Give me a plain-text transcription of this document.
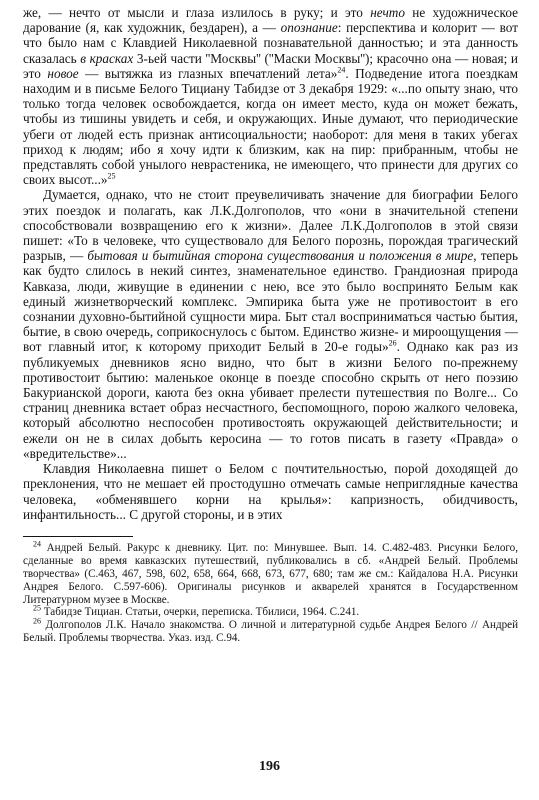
же, — нечто от мысли и глаза излилось в руку; и это нечто не художническое дарование (я, как художник, бездарен), а — опознание: перспектива и колорит — вот что было нам с Клавдией Николаевной познавательной данностью; и эта данность сказалась в красках 3-ьей части ''Москвы'' (''Маски Москвы''); красочно она — новая; и это новое — вытяжка из глазных впечатлений лета»$^{24}$. Подведение итога поездкам находим и в письме Белого Тициану Табидзе от 3 декабря 1929: «...по опыту знаю, что только тогда человек освобождается, когда он имеет место, куда он может бежать, чтобы из тишины увидеть и себя, и окружающих. Иные думают, что периодические убеги от людей есть признак антисоциальности; наоборот: для меня в таких убегах приход к людям; ибо я хочу идти к близким, как на пир: прибранным, чтобы не представлять собой унылого неврастеника, не имеющего, что принести для других со своих высот...»$^{25}$

Думается, однако, что не стоит преувеличивать значение для биографии Белого этих поездок и полагать, как Л.К.Долгополов, что «они в значительной степени способствовали возвращению его к жизни». Далее Л.К.Долгополов в этой связи пишет: «То в человеке, что существовало для Белого порознь, порождая трагический разрыв, — бытовая и бытийная сторона существования и положения в мире, теперь как будто слилось в некий синтез, знаменательное единство. Грандиозная природа Кавказа, люди, живущие в единении с нею, все это было воспринято Белым как единый жизнетворческий комплекс. Эмпирика быта уже не противостоит в его сознании духовно-бытийной сущности мира. Быт стал восприниматься частью бытия, бытие, в свою очередь, соприкоснулось с бытом. Единство жизне- и мироощущения — вот главный итог, к которому приходит Белый в 20-е годы»$^{26}$. Однако как раз из публикуемых дневников ясно видно, что быт в жизни Белого по-прежнему противостоит бытию: маленькое оконце в поезде способно скрыть от него поэзию Бакурианской дороги, каюта без окна убивает прелести путешествия по Волге... Со страниц дневника встает образ несчастного, беспомощного, порою жалкого человека, который абсолютно неспособен противостоять окружающей действительности; и ежели он не в силах добыть керосина — то готов писать в газету «Правда» о «вредительстве»...

Клавдия Николаевна пишет о Белом с почтительностью, порой доходящей до преклонения, что не мешает ей простодушно отмечать самые неприглядные качества человека, «обменявшего корни на крылья»: капризность, обидчивость, инфантильность... С другой стороны, и в этих

$^{24}$ Андрей Белый. Ракурс к дневнику. Цит. по: Минувшее. Вып. 14. С.482-483. Рисунки Белого, сделанные во время кавказских путешествий, публиковались в сб. «Андрей Белый. Проблемы творчества» (С.463, 467, 598, 602, 658, 664, 668, 673, 677, 680; там же см.: Кайдалова Н.А. Рисунки Андрея Белого. С.597-606). Оригиналы рисунков и акварелей хранятся в Государственном Литературном музее в Москве.

$^{25}$ Табидзе Тициан. Статьи, очерки, переписка. Тбилиси, 1964. С.241.

$^{26}$ Долгополов Л.К. Начало знакомства. О личной и литературной судьбе Андрея Белого // Андрей Белый. Проблемы творчества. Указ. изд. С.94.

196
